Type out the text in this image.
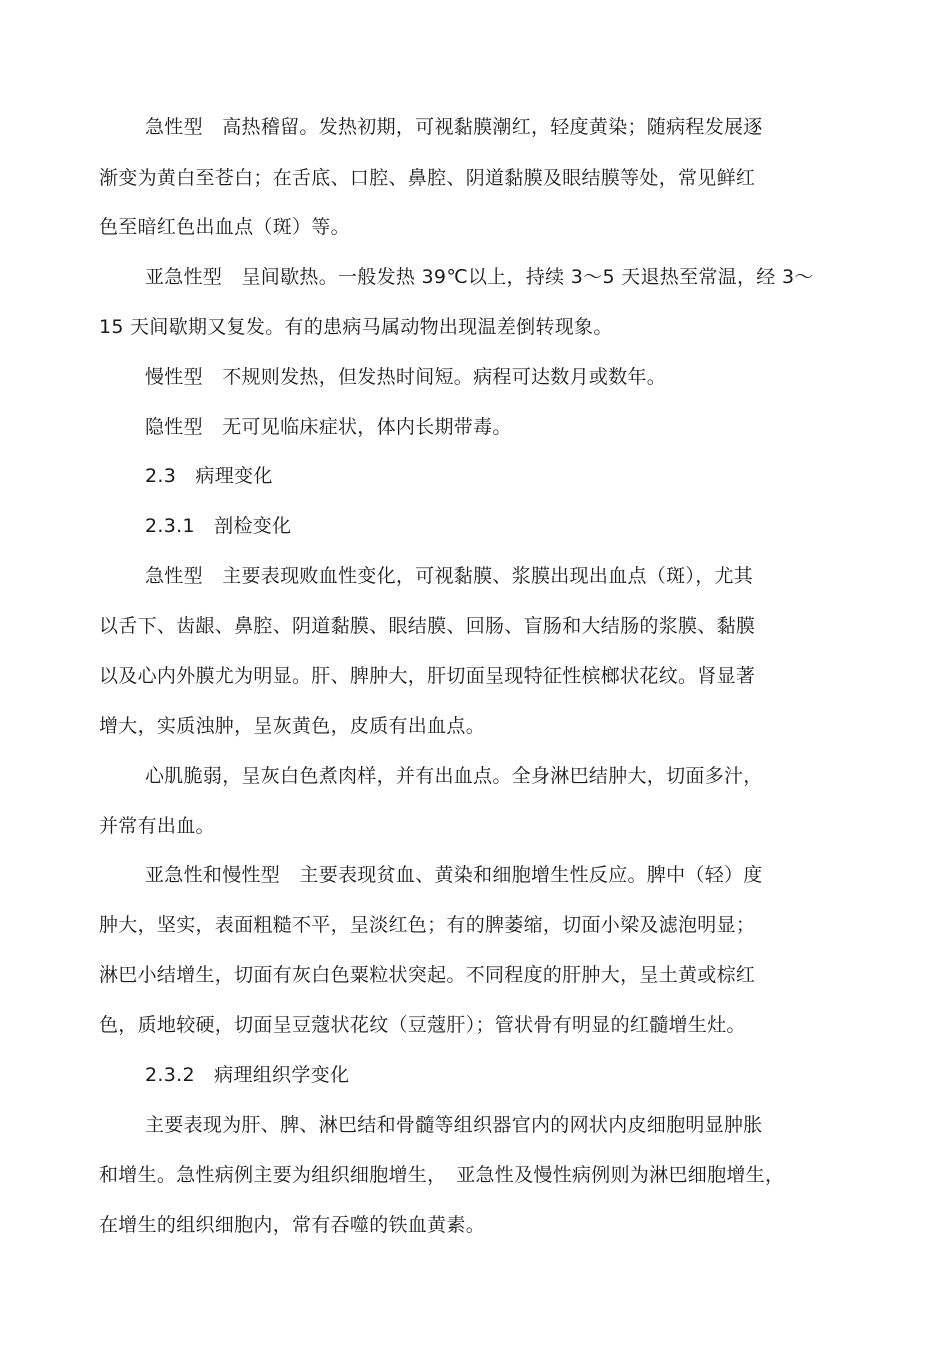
急性型　高热稽留。发热初期，可视黏膜潮红，轻度黄染；随病程发展逐
渐变为黄白至苍白；在舌底、口腔、鼻腔、阴道黏膜及眼结膜等处，常见鲜红
色至暗红色出血点（斑）等。
亚急性型　呈间歇热。一般发热 39℃以上，持续 3～5 天退热至常温，经 3～
15 天间歇期又复发。有的患病马属动物出现温差倒转现象。
慢性型　不规则发热，但发热时间短。病程可达数月或数年。
隐性型　无可见临床症状，体内长期带毒。
2.3　病理变化
2.3.1　剖检变化
急性型　主要表现败血性变化，可视黏膜、浆膜出现出血点（斑），尤其
以舌下、齿龈、鼻腔、阴道黏膜、眼结膜、回肠、盲肠和大结肠的浆膜、黏膜
以及心内外膜尤为明显。肝、脾肿大，肝切面呈现特征性槟榔状花纹。肾显著
增大，实质浊肿，呈灰黄色，皮质有出血点。
心肌脆弱，呈灰白色煮肉样，并有出血点。全身淋巴结肿大，切面多汁，
并常有出血。
亚急性和慢性型　主要表现贫血、黄染和细胞增生性反应。脾中（轻）度
肿大，坚实，表面粗糙不平，呈淡红色；有的脾萎缩，切面小梁及滤泡明显；
淋巴小结增生，切面有灰白色粟粒状突起。不同程度的肝肿大，呈土黄或棕红
色，质地较硬，切面呈豆蔻状花纹（豆蔻肝）；管状骨有明显的红髓增生灶。
2.3.2　病理组织学变化
主要表现为肝、脾、淋巴结和骨髓等组织器官内的网状内皮细胞明显肿胀
和增生。急性病例主要为组织细胞增生，　亚急性及慢性病例则为淋巴细胞增生，
在增生的组织细胞内，常有吞噬的铁血黄素。
